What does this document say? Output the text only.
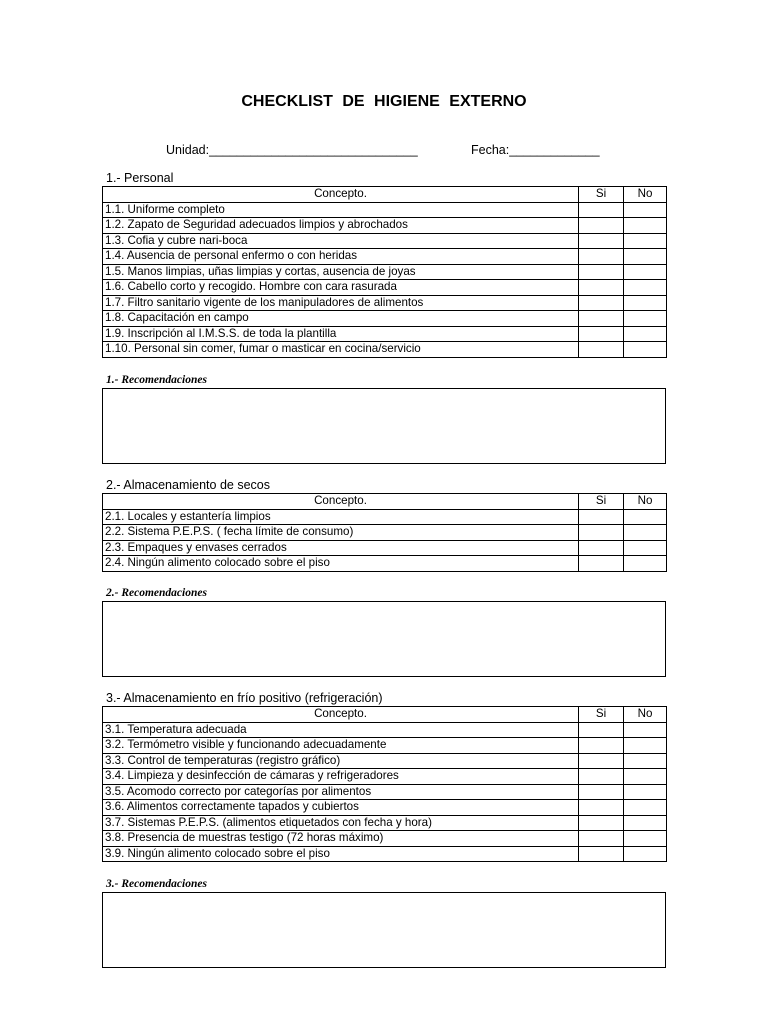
CHECKLIST DE HIGIENE EXTERNO
Unidad:______________________________	Fecha:_____________
1.- Personal
Concepto.	Si	No
1.1. Uniforme completo		
1.2. Zapato de Seguridad adecuados limpios y abrochados		
1.3. Cofia y cubre nari-boca		
1.4. Ausencia de personal enfermo o con heridas		
1.5. Manos limpias, uñas limpias y cortas, ausencia de joyas		
1.6. Cabello corto y recogido. Hombre con cara rasurada		
1.7. Filtro sanitario vigente de los manipuladores de alimentos		
1.8. Capacitación en campo		
1.9. Inscripción al I.M.S.S. de toda la plantilla		
1.10. Personal sin comer, fumar o masticar en cocina/servicio		
1.- Recomendaciones
2.- Almacenamiento de secos
Concepto.	Si	No
2.1. Locales y estantería limpios		
2.2. Sistema P.E.P.S. ( fecha límite de consumo)		
2.3. Empaques y envases cerrados		
2.4. Ningún alimento colocado sobre el piso		
2.- Recomendaciones
3.- Almacenamiento en frío positivo (refrigeración)
Concepto.	Si	No
3.1. Temperatura adecuada		
3.2. Termómetro visible y funcionando adecuadamente		
3.3. Control de temperaturas (registro gráfico)		
3.4. Limpieza y desinfección de cámaras y refrigeradores		
3.5. Acomodo correcto por categorías por alimentos		
3.6. Alimentos correctamente tapados y cubiertos		
3.7. Sistemas P.E.P.S. (alimentos etiquetados con fecha y hora)		
3.8. Presencia de muestras testigo (72 horas máximo)		
3.9. Ningún alimento colocado sobre el piso		
3.- Recomendaciones
